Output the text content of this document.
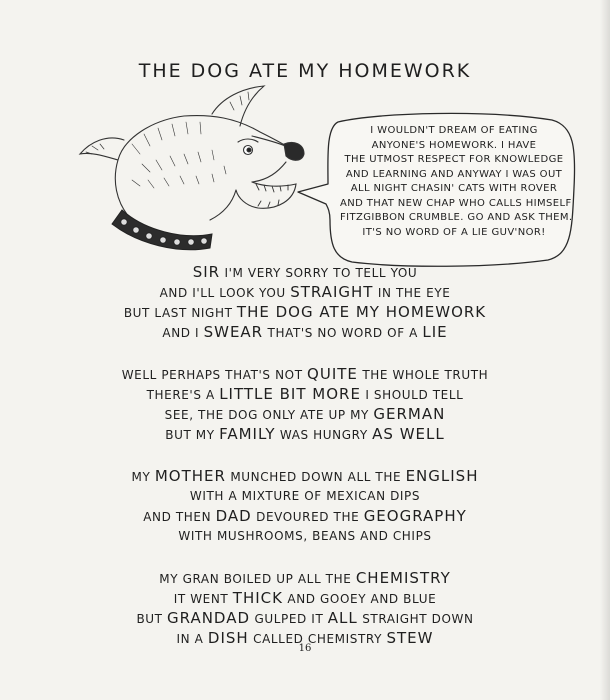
THE DOG ATE MY HOMEWORK
I WOULDN'T DREAM OF EATING
ANYONE'S HOMEWORK. I HAVE
THE UTMOST RESPECT FOR KNOWLEDGE
AND LEARNING AND ANYWAY I WAS OUT
ALL NIGHT CHASIN' CATS WITH ROVER
AND THAT NEW CHAP WHO CALLS HIMSELF
FITZGIBBON CRUMBLE. GO AND ASK THEM.
IT'S NO WORD OF A LIE GUV'NOR!
SIR I'M VERY SORRY TO TELL YOU
AND I'LL LOOK YOU STRAIGHT IN THE EYE
BUT LAST NIGHT THE DOG ATE MY HOMEWORK
AND I SWEAR THAT'S NO WORD OF A LIE
WELL PERHAPS THAT'S NOT QUITE THE WHOLE TRUTH
THERE'S A LITTLE BIT MORE I SHOULD TELL
SEE, THE DOG ONLY ATE UP MY GERMAN
BUT MY FAMILY WAS HUNGRY AS WELL
MY MOTHER MUNCHED DOWN ALL THE ENGLISH
WITH A MIXTURE OF MEXICAN DIPS
AND THEN DAD DEVOURED THE GEOGRAPHY
WITH MUSHROOMS, BEANS AND CHIPS
MY GRAN BOILED UP ALL THE CHEMISTRY
IT WENT THICK AND GOOEY AND BLUE
BUT GRANDAD GULPED IT ALL STRAIGHT DOWN
IN A DISH CALLED CHEMISTRY STEW
16
